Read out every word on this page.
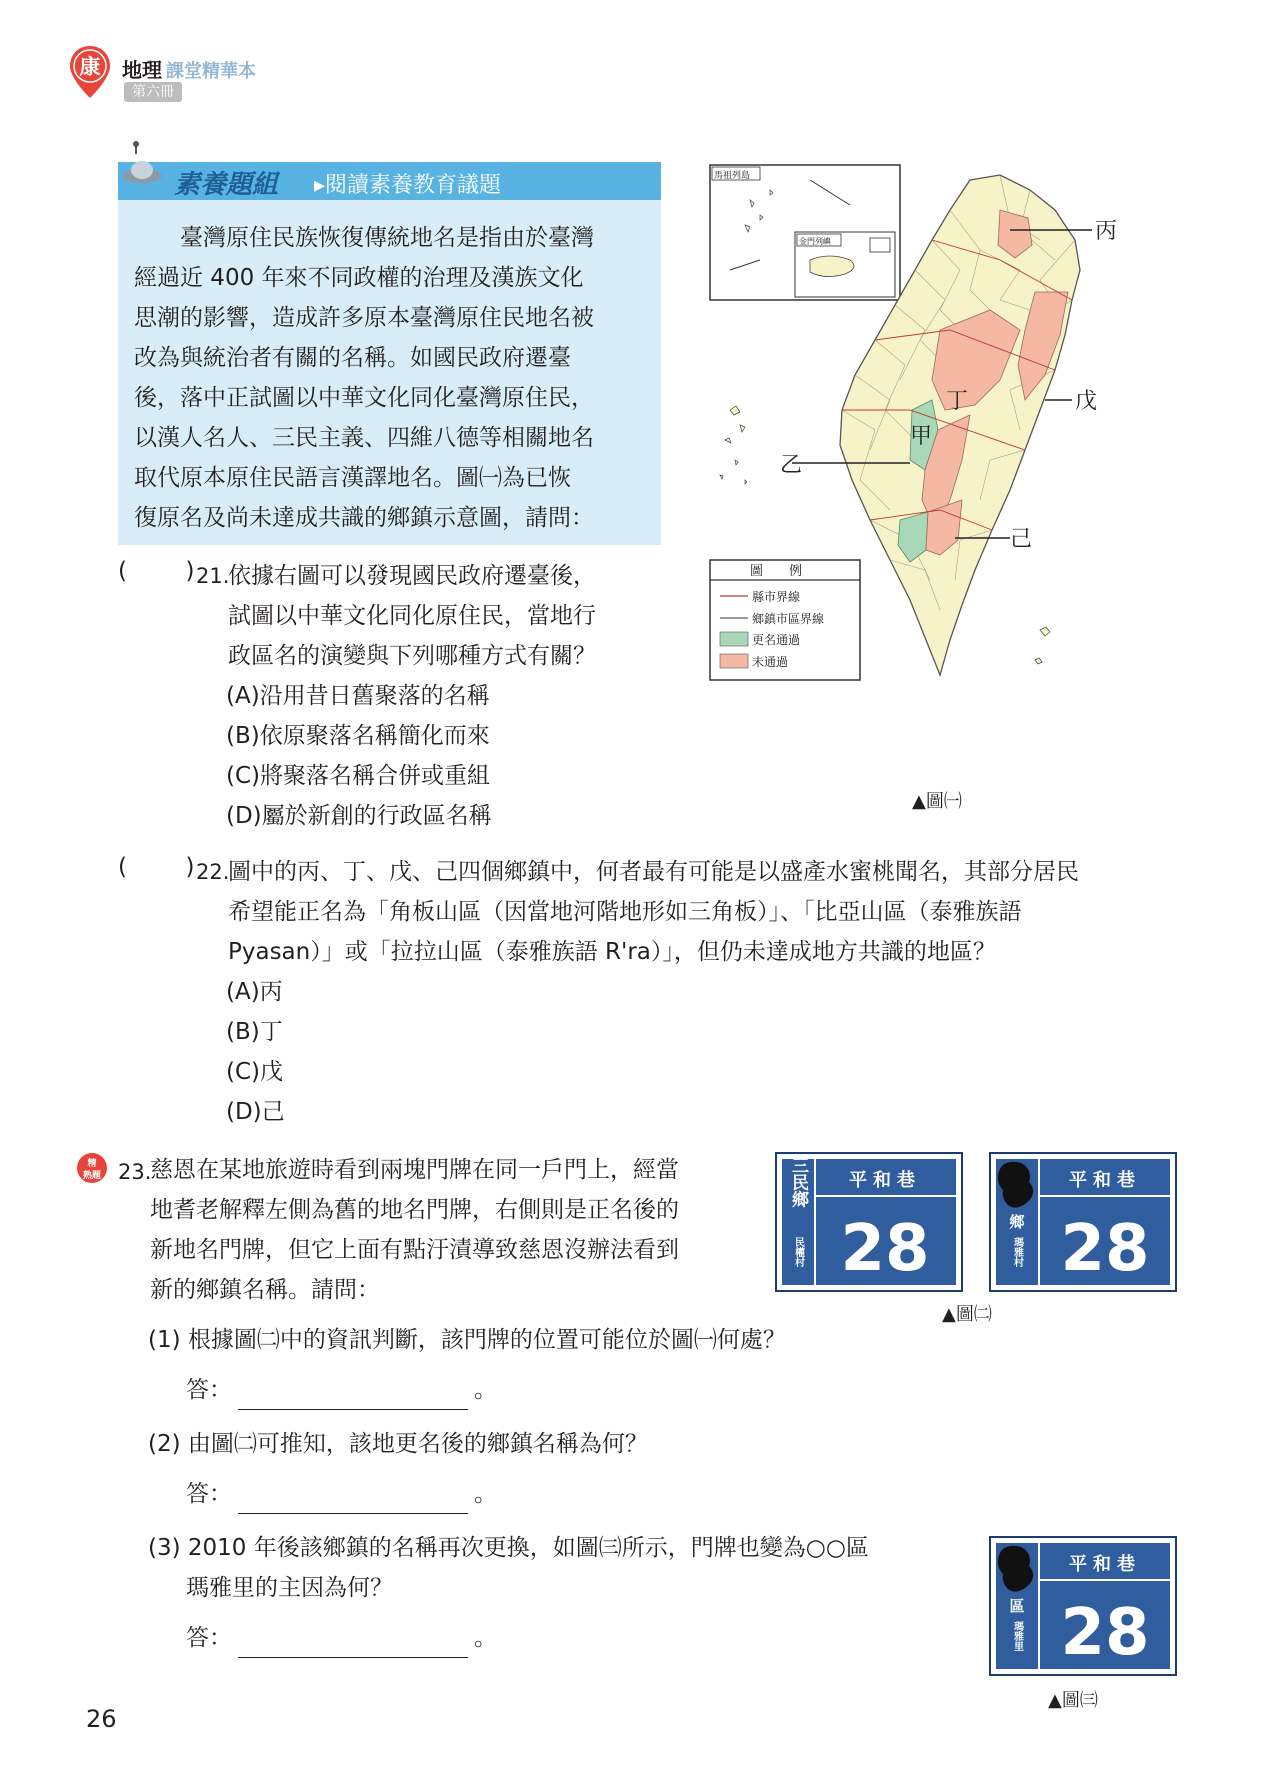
康 地理 課堂精華本
第六冊
素養題組 ▸閱讀素養教育議題
臺灣原住民族恢復傳統地名是指由於臺灣
經過近 400 年來不同政權的治理及漢族文化
思潮的影響，造成許多原本臺灣原住民地名被
改為與統治者有關的名稱。如國民政府遷臺
後，落中正試圖以中華文化同化臺灣原住民，
以漢人名人、三民主義、四維八德等相關地名
取代原本原住民語言漢譯地名。圖㈠為已恢
復原名及尚未達成共識的鄉鎮示意圖，請問：
(        ) 21.
依據右圖可以發現國民政府遷臺後，
試圖以中華文化同化原住民，當地行
政區名的演變與下列哪種方式有關？
(A)沿用昔日舊聚落的名稱
(B)依原聚落名稱簡化而來
(C)將聚落名稱合併或重組
(D)屬於新創的行政區名稱
(        ) 22.
圖中的丙、丁、戊、己四個鄉鎮中，何者最有可能是以盛產水蜜桃聞名，其部分居民
希望能正名為「角板山區（因當地河階地形如三角板）」、「比亞山區（泰雅族語
Pyasan）」或「拉拉山區（泰雅族語 R'ra）」，但仍未達成地方共識的地區？
(A)丙
(B)丁
(C)戊
(D)己
精
熟題 23.
慈恩在某地旅遊時看到兩塊門牌在同一戶門上，經當
地耆老解釋左側為舊的地名門牌，右側則是正名後的
新地名門牌，但它上面有點汙漬導致慈恩沒辦法看到
新的鄉鎮名稱。請問：
(1) 根據圖㈡中的資訊判斷，該門牌的位置可能位於圖㈠何處？
答：	。
(2) 由圖㈡可推知，該地更名後的鄉鎮名稱為何？
答：	。
(3) 2010 年後該鄉鎮的名稱再次更換，如圖㈢所示，門牌也變為○○區
瑪雅里的主因為何？
答：	。
馬祖列島
金門列嶼	丙
丁	戊
甲
乙
己
圖　　例
縣市界線
鄉鎮市區界線
更名通過
未通過
▲圖㈠
三民鄉
民權村
平和巷
28	鄉
瑪雅村
平和巷
28
▲圖㈡
區
瑪雅里
平和巷
28
▲圖㈢
26
